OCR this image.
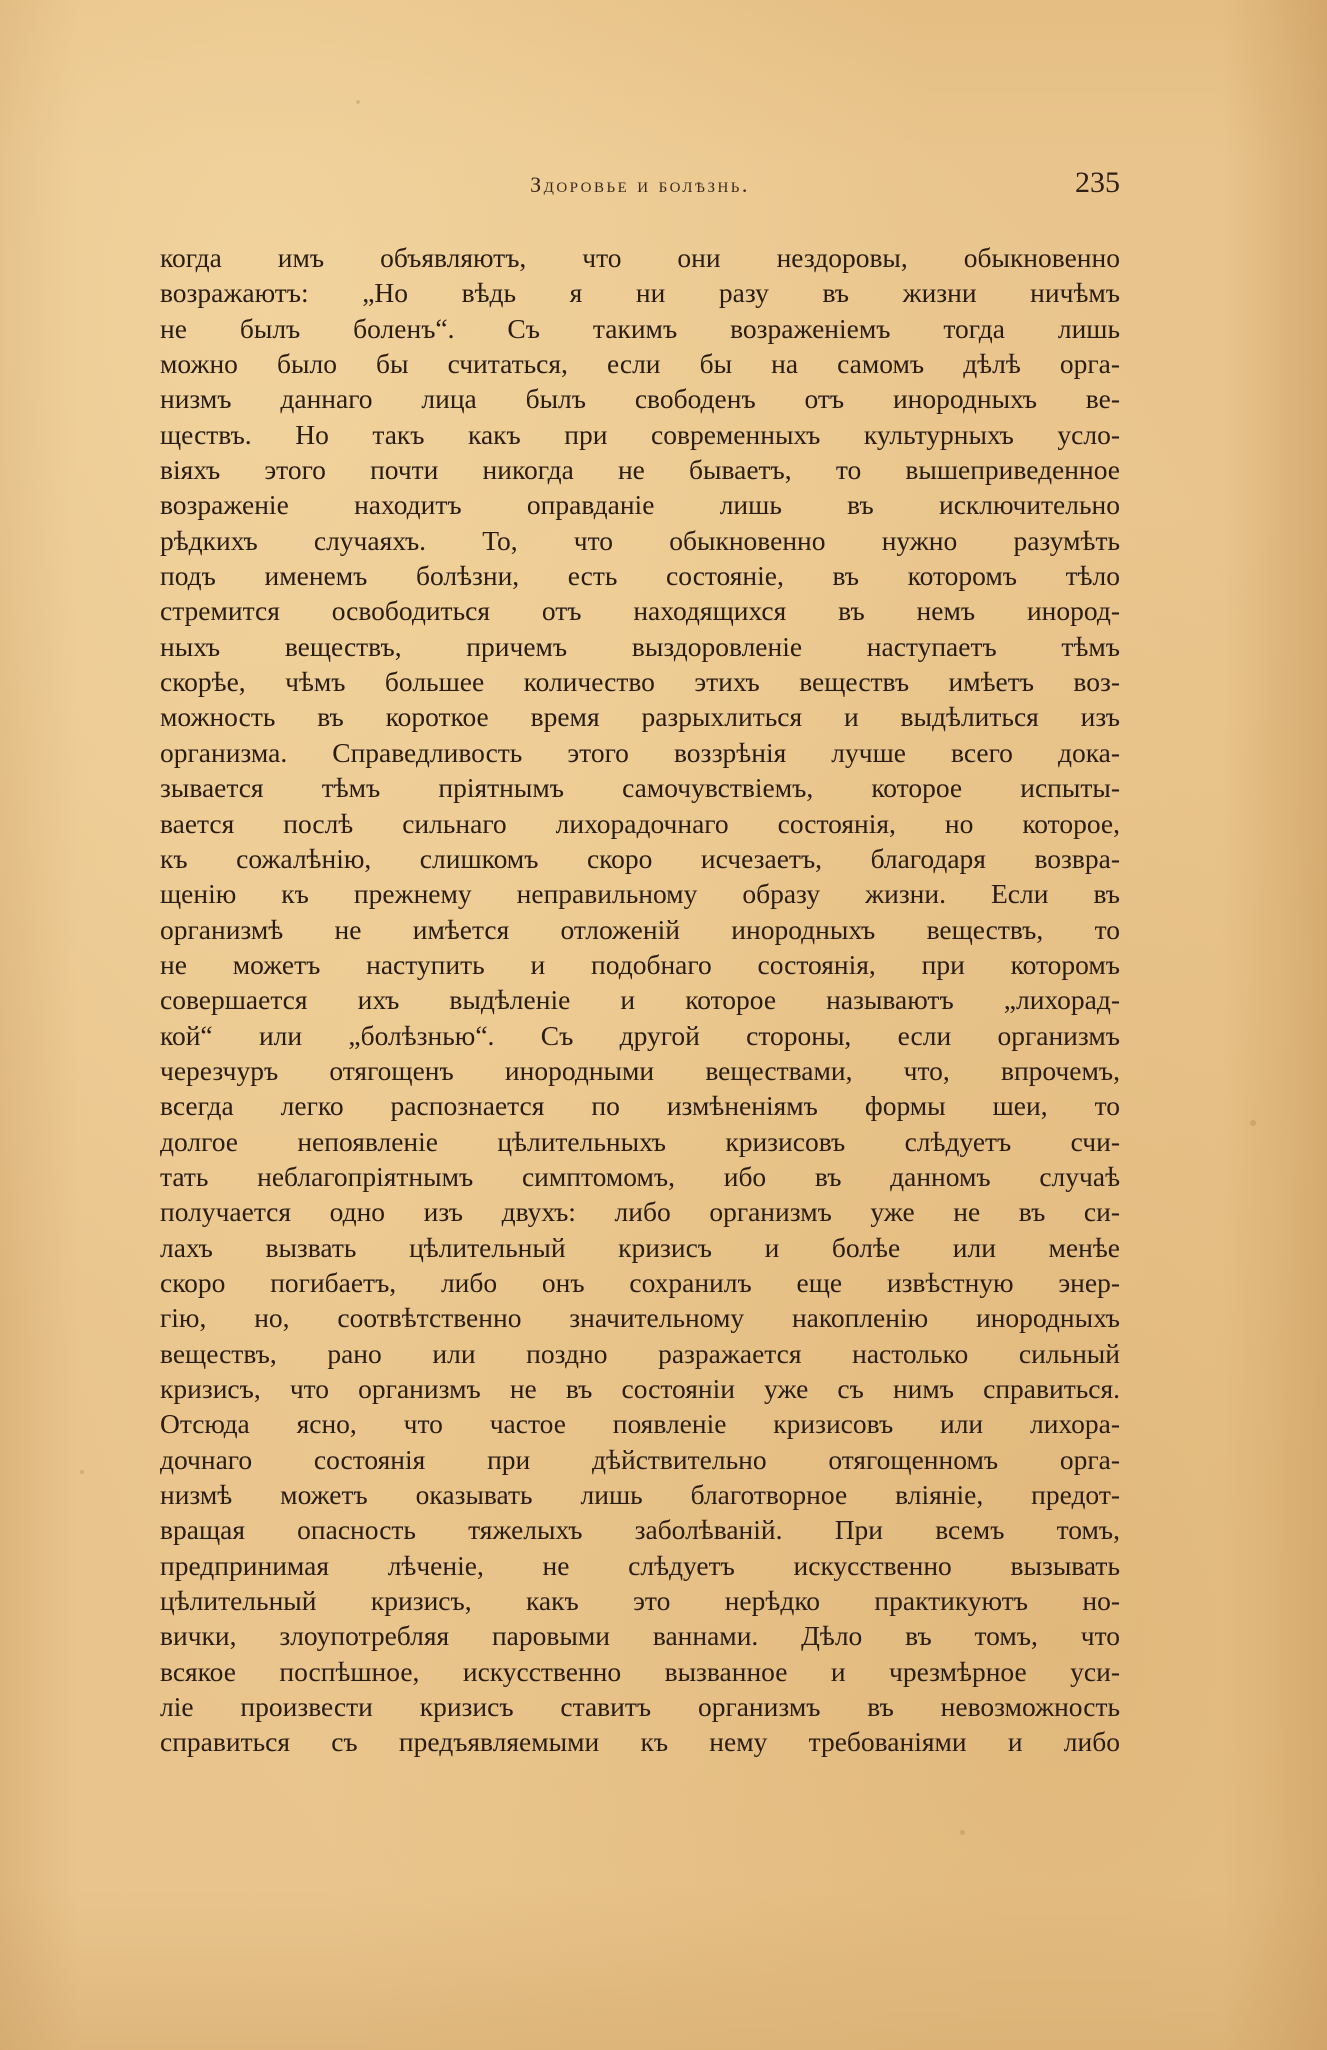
Здоровье и болѣзнь.	235
когда имъ объявляютъ, что они нездоровы, обыкновенно
возражаютъ: „Но вѣдь я ни разу въ жизни ничѣмъ
не былъ боленъ“. Съ такимъ возраженіемъ тогда лишь
можно было бы считаться, если бы на самомъ дѣлѣ орга-
низмъ даннаго лица былъ свободенъ отъ инородныхъ ве-
ществъ. Но такъ какъ при современныхъ культурныхъ усло-
віяхъ этого почти никогда не бываетъ, то вышеприведенное
возраженіе находитъ оправданіе лишь въ исключительно
рѣдкихъ случаяхъ. То, что обыкновенно нужно разумѣть
подъ именемъ болѣзни, есть состояніе, въ которомъ тѣло
стремится освободиться отъ находящихся въ немъ инород-
ныхъ веществъ, причемъ выздоровленіе наступаетъ тѣмъ
скорѣе, чѣмъ большее количество этихъ веществъ имѣетъ воз-
можность въ короткое время разрыхлиться и выдѣлиться изъ
организма. Справедливость этого воззрѣнія лучше всего дока-
зывается тѣмъ пріятнымъ самочувствіемъ, которое испыты-
вается послѣ сильнаго лихорадочнаго состоянія, но которое,
къ сожалѣнію, слишкомъ скоро исчезаетъ, благодаря возвра-
щенію къ прежнему неправильному образу жизни. Если въ
организмѣ не имѣется отложеній инородныхъ веществъ, то
не можетъ наступить и подобнаго состоянія, при которомъ
совершается ихъ выдѣленіе и которое называютъ „лихорад-
кой“ или „болѣзнью“. Съ другой стороны, если организмъ
черезчуръ отягощенъ инородными веществами, что, впрочемъ,
всегда легко распознается по измѣненіямъ формы шеи, то
долгое непоявленіе цѣлительныхъ кризисовъ слѣдуетъ счи-
тать неблагопріятнымъ симптомомъ, ибо въ данномъ случаѣ
получается одно изъ двухъ: либо организмъ уже не въ си-
лахъ вызвать цѣлительный кризисъ и болѣе или менѣе
скоро погибаетъ, либо онъ сохранилъ еще извѣстную энер-
гію, но, соотвѣтственно значительному накопленію инородныхъ
веществъ, рано или поздно разражается настолько сильный
кризисъ, что организмъ не въ состояніи уже съ нимъ справиться.
Отсюда ясно, что частое появленіе кризисовъ или лихора-
дочнаго состоянія при дѣйствительно отягощенномъ орга-
низмѣ можетъ оказывать лишь благотворное вліяніе, предот-
вращая опасность тяжелыхъ заболѣваній. При всемъ томъ,
предпринимая лѣченіе, не слѣдуетъ искусственно вызывать
цѣлительный кризисъ, какъ это нерѣдко практикуютъ но-
вички, злоупотребляя паровыми ваннами. Дѣло въ томъ, что
всякое поспѣшное, искусственно вызванное и чрезмѣрное уси-
ліе произвести кризисъ ставитъ организмъ въ невозможность
справиться съ предъявляемыми къ нему требованіями и либо
